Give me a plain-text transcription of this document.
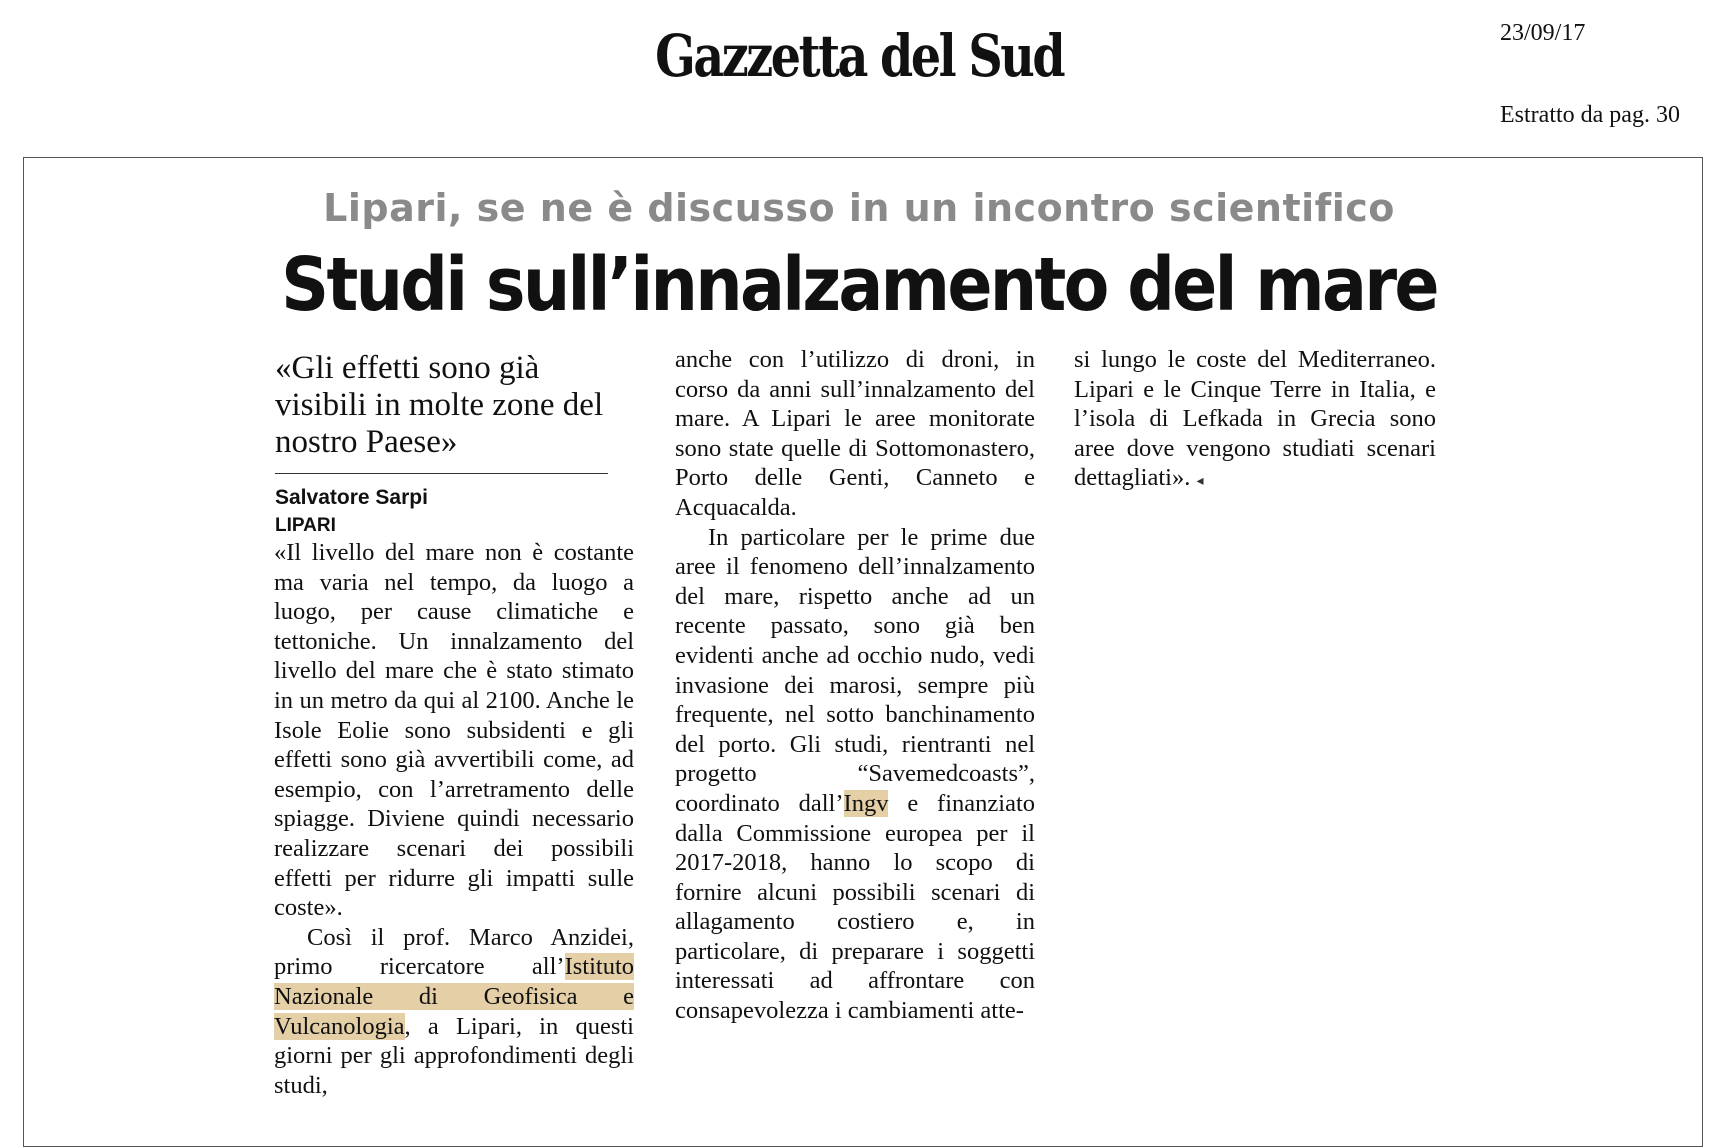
Gazzetta del Sud	23/09/17
Estratto da pag. 30
Lipari, se ne è discusso in un incontro scientifico
Studi sull’innalzamento del mare
«Gli effetti sono già visibili in molte zone del nostro Paese»
Salvatore Sarpi
LIPARI

«Il livello del mare non è costante ma varia nel tempo, da luogo a luogo, per cause climatiche e tettoniche. Un innalzamento del livello del mare che è stato stimato in un metro da qui al 2100. Anche le Isole Eolie sono subsidenti e gli effetti sono già avvertibili come, ad esempio, con l’arretramento delle spiagge. Diviene quindi necessario realizzare scenari dei possibili effetti per ridurre gli impatti sulle coste».

Così il prof. Marco Anzidei, primo ricercatore all’Istituto Nazionale di Geofisica e Vulcanologia, a Lipari, in questi giorni per gli approfondimenti degli studi,

anche con l’utilizzo di droni, in corso da anni sull’innalzamento del mare. A Lipari le aree monitorate sono state quelle di Sottomonastero, Porto delle Genti, Canneto e Acquacalda.

In particolare per le prime due aree il fenomeno dell’innalzamento del mare, rispetto anche ad un recente passato, sono già ben evidenti anche ad occhio nudo, vedi invasione dei marosi, sempre più frequente, nel sotto banchinamento del porto. Gli studi, rientranti nel progetto “Savemedcoasts”, coordinato dall’Ingv e finanziato dalla Commissione europea per il 2017-2018, hanno lo scopo di fornire alcuni possibili scenari di allagamento costiero e, in particolare, di preparare i soggetti interessati ad affrontare con consapevolezza i cambiamenti atte-

si lungo le coste del Mediterraneo. Lipari e le Cinque Terre in Italia, e l’isola di Lefkada in Grecia sono aree dove vengono studiati scenari dettagliati». ◂
